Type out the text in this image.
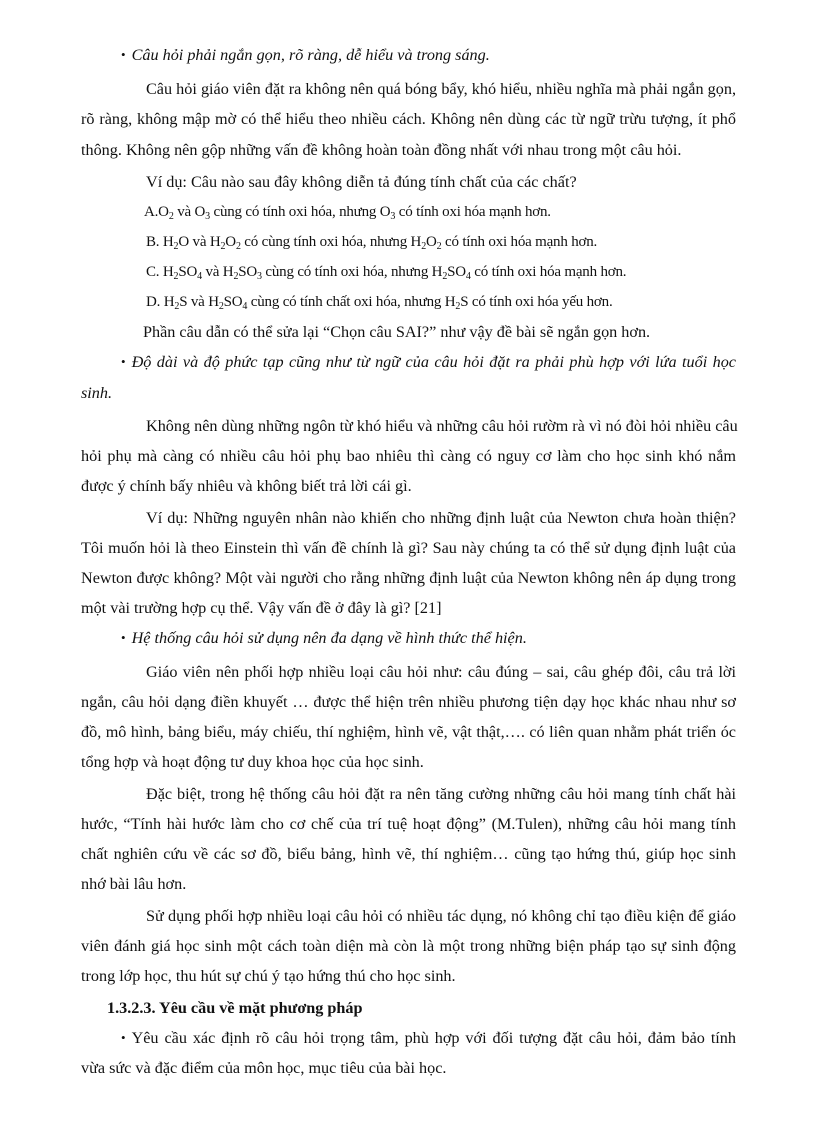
• Câu hỏi phải ngắn gọn, rõ ràng, dễ hiểu và trong sáng.
Câu hỏi giáo viên đặt ra không nên quá bóng bẩy, khó hiểu, nhiều nghĩa mà phải ngắn gọn,
rõ ràng, không mập mờ có thể hiểu theo nhiều cách. Không nên dùng các từ ngữ trừu tượng, ít phổ
thông. Không nên gộp những vấn đề không hoàn toàn đồng nhất với nhau trong một câu hỏi.
Ví dụ: Câu nào sau đây không diễn tả đúng tính chất của các chất?
$A.O_2$ và $O_3$ cùng có tính oxi hóa, nhưng $O_3$ có tính oxi hóa mạnh hơn.
B. $H_2O$ và $H_2O_2$ có cùng tính oxi hóa, nhưng $H_2O_2$ có tính oxi hóa mạnh hơn.
C. $H_2SO_4$ và $H_2SO_3$ cùng có tính oxi hóa, nhưng $H_2SO_4$ có tính oxi hóa mạnh hơn.
D. $H_2S$ và $H_2SO_4$ cùng có tính chất oxi hóa, nhưng $H_2S$ có tính oxi hóa yếu hơn.
Phần câu dẫn có thể sửa lại “Chọn câu SAI?” như vậy đề bài sẽ ngắn gọn hơn.
• Độ dài và độ phức tạp cũng như từ ngữ của câu hỏi đặt ra phải phù hợp với lứa tuổi học
sinh.
Không nên dùng những ngôn từ khó hiểu và những câu hỏi rườm rà vì nó đòi hỏi nhiều câu
hỏi phụ mà càng có nhiều câu hỏi phụ bao nhiêu thì càng có nguy cơ làm cho học sinh khó nắm
được ý chính bấy nhiêu và không biết trả lời cái gì.
Ví dụ: Những nguyên nhân nào khiến cho những định luật của Newton chưa hoàn thiện?
Tôi muốn hỏi là theo Einstein thì vấn đề chính là gì? Sau này chúng ta có thể sử dụng định luật của
Newton được không? Một vài người cho rằng những định luật của Newton không nên áp dụng trong
một vài trường hợp cụ thể. Vậy vấn đề ở đây là gì? [21]
• Hệ thống câu hỏi sử dụng nên đa dạng về hình thức thể hiện.
Giáo viên nên phối hợp nhiều loại câu hỏi như: câu đúng – sai, câu ghép đôi, câu trả lời
ngắn, câu hỏi dạng điền khuyết … được thể hiện trên nhiều phương tiện dạy học khác nhau như sơ
đồ, mô hình, bảng biểu, máy chiếu, thí nghiệm, hình vẽ, vật thật,…. có liên quan nhằm phát triển óc
tổng hợp và hoạt động tư duy khoa học của học sinh.
Đặc biệt, trong hệ thống câu hỏi đặt ra nên tăng cường những câu hỏi mang tính chất hài
hước, “Tính hài hước làm cho cơ chế của trí tuệ hoạt động” (M.Tulen), những câu hỏi mang tính
chất nghiên cứu về các sơ đồ, biểu bảng, hình vẽ, thí nghiệm… cũng tạo hứng thú, giúp học sinh
nhớ bài lâu hơn.
Sử dụng phối hợp nhiều loại câu hỏi có nhiều tác dụng, nó không chỉ tạo điều kiện để giáo
viên đánh giá học sinh một cách toàn diện mà còn là một trong những biện pháp tạo sự sinh động
trong lớp học, thu hút sự chú ý tạo hứng thú cho học sinh.
1.3.2.3. Yêu cầu về mặt phương pháp
• Yêu cầu xác định rõ câu hỏi trọng tâm, phù hợp với đối tượng đặt câu hỏi, đảm bảo tính
vừa sức và đặc điểm của môn học, mục tiêu của bài học.
